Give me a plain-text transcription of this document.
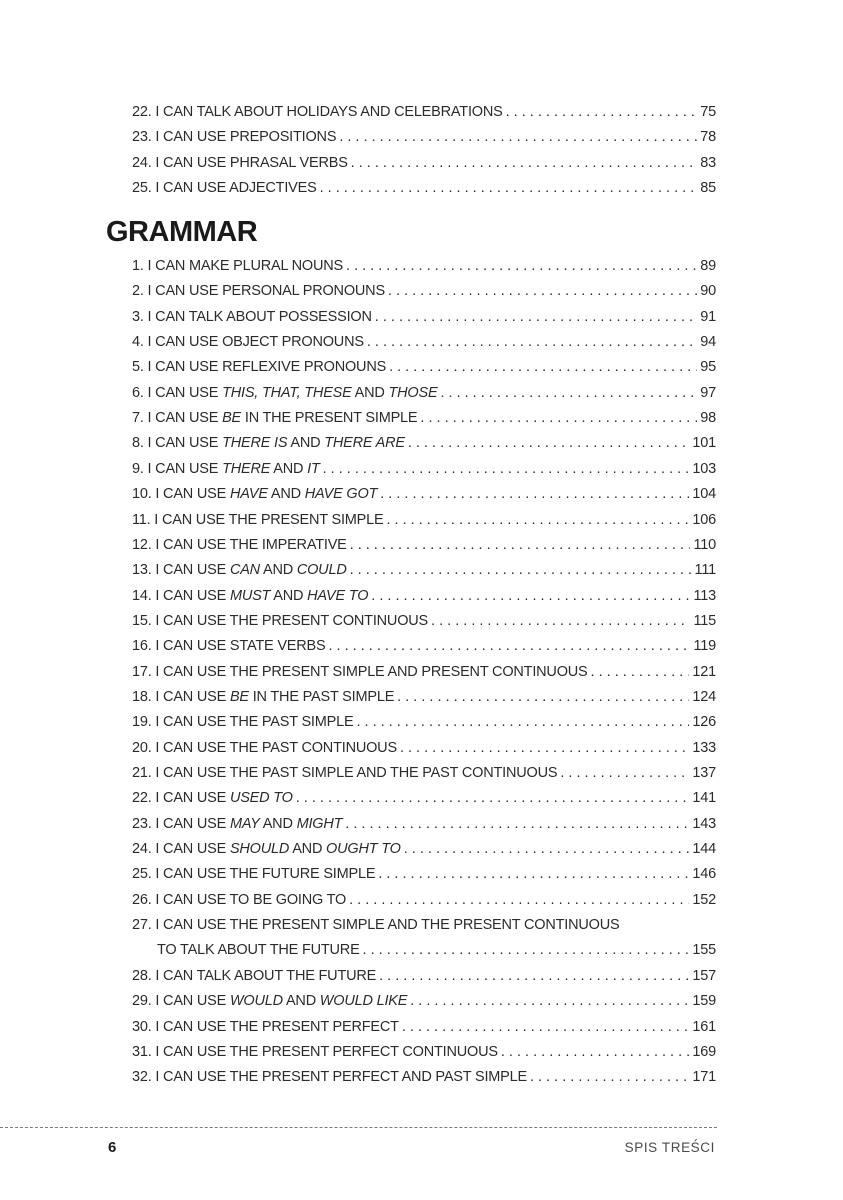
22. I CAN TALK ABOUT HOLIDAYS AND CELEBRATIONS . . .	75
23. I CAN USE PREPOSITIONS . . .	78
24. I CAN USE PHRASAL VERBS . . .	83
25. I CAN USE ADJECTIVES . . .	85
GRAMMAR
1. I CAN MAKE PLURAL NOUNS . . .	89
2. I CAN USE PERSONAL PRONOUNS . . .	90
3. I CAN TALK ABOUT POSSESSION . . .	91
4. I CAN USE OBJECT PRONOUNS . . .	94
5. I CAN USE REFLEXIVE PRONOUNS . . .	95
6. I CAN USE THIS, THAT, THESE AND THOSE . . .	97
7. I CAN USE BE IN THE PRESENT SIMPLE . . .	98
8. I CAN USE THERE IS AND THERE ARE . . .	101
9. I CAN USE THERE AND IT . . .	103
10. I CAN USE HAVE AND HAVE GOT . . .	104
11. I CAN USE THE PRESENT SIMPLE . . .	106
12. I CAN USE THE IMPERATIVE . . .	110
13. I CAN USE CAN AND COULD . . .	111
14. I CAN USE MUST AND HAVE TO . . .	113
15. I CAN USE THE PRESENT CONTINUOUS . . .	115
16. I CAN USE STATE VERBS . . .	119
17. I CAN USE THE PRESENT SIMPLE AND PRESENT CONTINUOUS . . .	121
18. I CAN USE BE IN THE PAST SIMPLE . . .	124
19. I CAN USE THE PAST SIMPLE . . .	126
20. I CAN USE THE PAST CONTINUOUS . . .	133
21. I CAN USE THE PAST SIMPLE AND THE PAST CONTINUOUS . . .	137
22. I CAN USE USED TO . . .	141
23. I CAN USE MAY AND MIGHT . . .	143
24. I CAN USE SHOULD AND OUGHT TO . . .	144
25. I CAN USE THE FUTURE SIMPLE . . .	146
26. I CAN USE TO BE GOING TO . . .	152
27. I CAN USE THE PRESENT SIMPLE AND THE PRESENT CONTINUOUS
TO TALK ABOUT THE FUTURE . . .	155
28. I CAN TALK ABOUT THE FUTURE . . .	157
29. I CAN USE WOULD AND WOULD LIKE . . .	159
30. I CAN USE THE PRESENT PERFECT . . .	161
31. I CAN USE THE PRESENT PERFECT CONTINUOUS . . .	169
32. I CAN USE THE PRESENT PERFECT AND PAST SIMPLE . . .	171
6	SPIS TREŚCI
